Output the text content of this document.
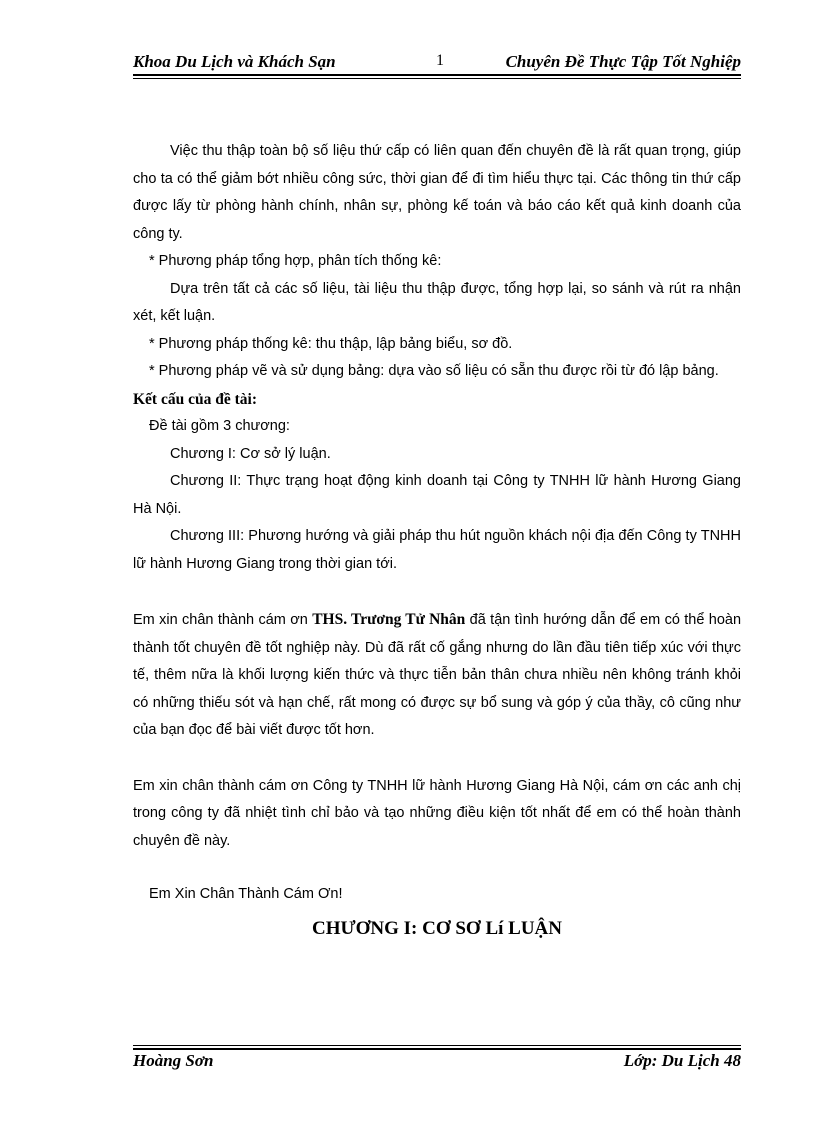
Khoa Du Lịch và Khách Sạn	1	Chuyên Đề Thực Tập Tốt Nghiệp

Việc thu thập toàn bộ số liệu thứ cấp có liên quan đến chuyên đề là rất quan trọng, giúp cho ta có thể giảm bớt nhiều công sức, thời gian để đi tìm hiểu thực tại. Các thông tin thứ cấp được lấy từ phòng hành chính, nhân sự, phòng kế toán và báo cáo kết quả kinh doanh của công ty.

* Phương pháp tổng hợp, phân tích thống kê:

Dựa trên tất cả các số liệu, tài liệu thu thập được, tổng hợp lại, so sánh và rút ra nhận xét, kết luận.

* Phương pháp thống kê: thu thập, lập bảng biểu, sơ đồ.

* Phương pháp vẽ và sử dụng bảng: dựa vào số liệu có sẵn thu được rồi từ đó lập bảng.

Kết cấu của đề tài:

Đề tài gồm 3 chương:

Chương I: Cơ sở lý luận.

Chương II: Thực trạng hoạt động kinh doanh tại Công ty TNHH lữ hành Hương Giang Hà Nội.

Chương III: Phương hướng và giải pháp thu hút nguồn khách nội địa đến Công ty TNHH lữ hành Hương Giang trong thời gian tới.

Em xin chân thành cám ơn THS. Trương Tử Nhân đã tận tình hướng dẫn để em có thể hoàn thành tốt chuyên đề tốt nghiệp này. Dù đã rất cố gắng nhưng do lần đầu tiên tiếp xúc với thực tế, thêm nữa là khối lượng kiến thức và thực tiễn bản thân chưa nhiều nên không tránh khỏi có những thiếu sót và hạn chế, rất mong có được sự bổ sung và góp ý của thầy, cô cũng như của bạn đọc để bài viết được tốt hơn.

Em xin chân thành cám ơn Công ty TNHH lữ hành Hương Giang Hà Nội, cám ơn các anh chị trong công ty đã nhiệt tình chỉ bảo và tạo những điều kiện tốt nhất để em có thể hoàn thành chuyên đề này.

Em Xin Chân Thành Cám Ơn!

CHƯƠNG I: CƠ SƠ Lí LUẬN

Hoàng Sơn	Lớp: Du Lịch 48
